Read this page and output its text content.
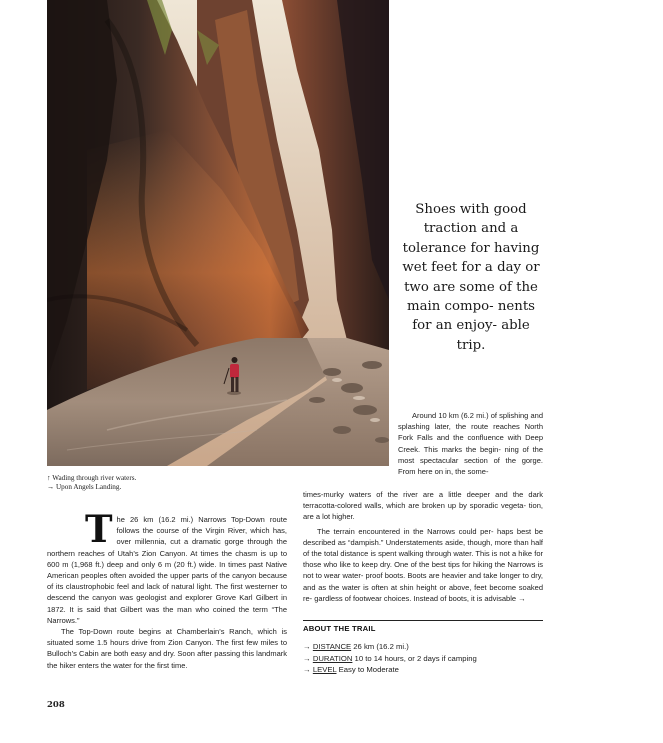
Shoes with good traction and a tolerance for having wet feet for a day or two are some of the main compo- nents for an enjoy- able trip.

↑ Wading through river waters.
→ Upon Angels Landing.

The 26 km (16.2 mi.) Narrows Top-Down route follows the course of the Virgin River, which has, over millennia, cut a dramatic gorge through the northern reaches of Utah’s Zion Canyon. At times the chasm is up to 600 m (1,968 ft.) deep and only 6 m (20 ft.) wide. In times past Native American peoples often avoided the upper parts of the canyon because of its claustrophobic feel and lack of natural light. The first westerner to descend the canyon was geologist and explorer Grove Karl Gilbert in 1872. It is said that Gilbert was the man who coined the term “The Narrows.”

The Top-Down route begins at Chamberlain’s Ranch, which is situated some 1.5 hours drive from Zion Canyon. The first few miles to Bulloch’s Cabin are both easy and dry. Soon after passing this landmark the hiker enters the water for the first time.

Around 10 km (6.2 mi.) of splishing and splashing later, the route reaches North Fork Falls and the confluence with Deep Creek. This marks the begin- ning of the most spectacular section of the gorge. From here on in, the some-

times-murky waters of the river are a little deeper and the dark terracotta-colored walls, which are broken up by sporadic vegeta- tion, are a lot higher.

The terrain encountered in the Narrows could per- haps best be described as “dampish.” Understatements aside, though, more than half of the total distance is spent walking through water. This is not a hike for those who like to keep dry. One of the best tips for hiking the Narrows is not to wear water- proof boots. Boots are heavier and take longer to dry, and as the water is often at shin height or above, feet become soaked re- gardless of footwear choices. Instead of boots, it is advisable →

ABOUT THE TRAIL
→ DISTANCE 26 km (16.2 mi.)
→ DURATION 10 to 14 hours, or 2 days if camping
→ LEVEL Easy to Moderate
208
